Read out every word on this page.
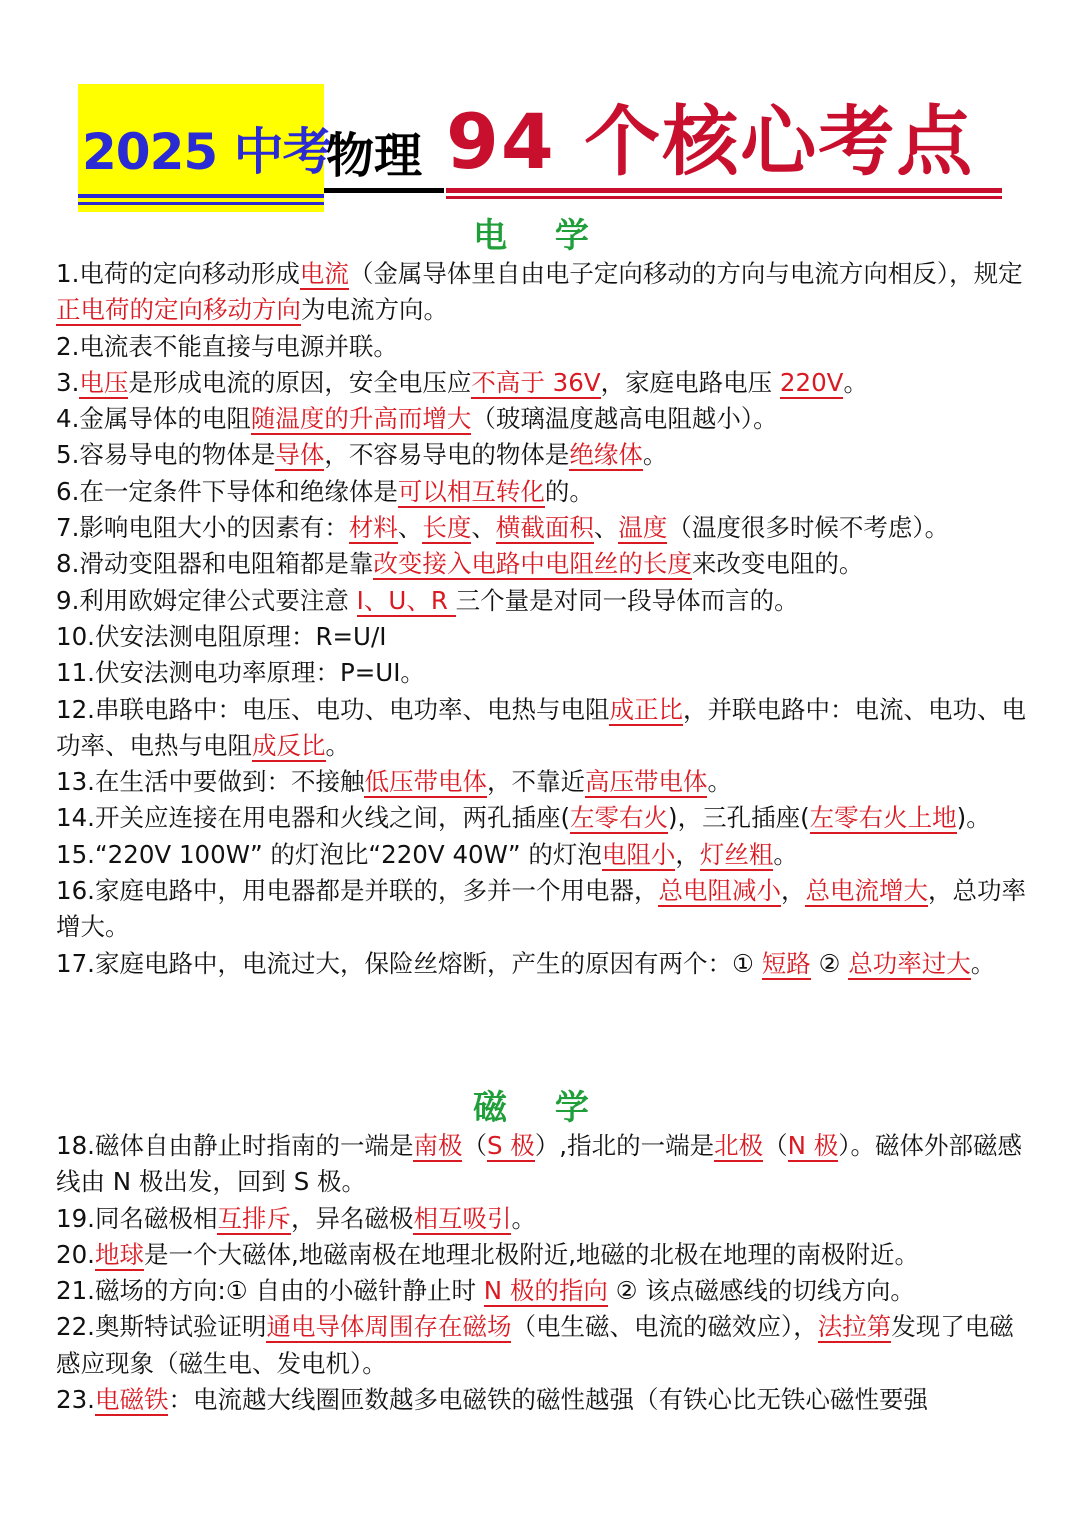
2025 中考
物理 94 个核心考点
电 学

1.电荷的定向移动形成电流（金属导体里自由电子定向移动的方向与电流方向相反），规定正电荷的定向移动方向为电流方向。

2.电流表不能直接与电源并联。

3.电压是形成电流的原因，安全电压应不高于 36V，家庭电路电压 220V。

4.金属导体的电阻随温度的升高而增大（玻璃温度越高电阻越小）。

5.容易导电的物体是导体，不容易导电的物体是绝缘体。

6.在一定条件下导体和绝缘体是可以相互转化的。

7.影响电阻大小的因素有：材料、长度、横截面积、温度（温度很多时候不考虑）。

8.滑动变阻器和电阻箱都是靠改变接入电路中电阻丝的长度来改变电阻的。

9.利用欧姆定律公式要注意 I、U、R 三个量是对同一段导体而言的。

10.伏安法测电阻原理：R=U/I

11.伏安法测电功率原理：P=UI。

12.串联电路中：电压、电功、电功率、电热与电阻成正比，并联电路中：电流、电功、电功率、电热与电阻成反比。

13.在生活中要做到：不接触低压带电体，不靠近高压带电体。

14.开关应连接在用电器和火线之间，两孔插座(左零右火)，三孔插座(左零右火上地)。

15.“220V 100W” 的灯泡比“220V 40W” 的灯泡电阻小，灯丝粗。

16.家庭电路中，用电器都是并联的，多并一个用电器，总电阻减小，总电流增大，总功率增大。

17.家庭电路中，电流过大，保险丝熔断，产生的原因有两个：① 短路 ② 总功率过大。

磁 学

18.磁体自由静止时指南的一端是南极（S 极）,指北的一端是北极（N 极）。磁体外部磁感线由 N 极出发，回到 S 极。

19.同名磁极相互排斥，异名磁极相互吸引。

20.地球是一个大磁体,地磁南极在地理北极附近,地磁的北极在地理的南极附近。

21.磁场的方向:① 自由的小磁针静止时 N 极的指向 ② 该点磁感线的切线方向。

22.奥斯特试验证明通电导体周围存在磁场（电生磁、电流的磁效应），法拉第发现了电磁感应现象（磁生电、发电机）。

23.电磁铁：电流越大线圈匝数越多电磁铁的磁性越强（有铁心比无铁心磁性要强
